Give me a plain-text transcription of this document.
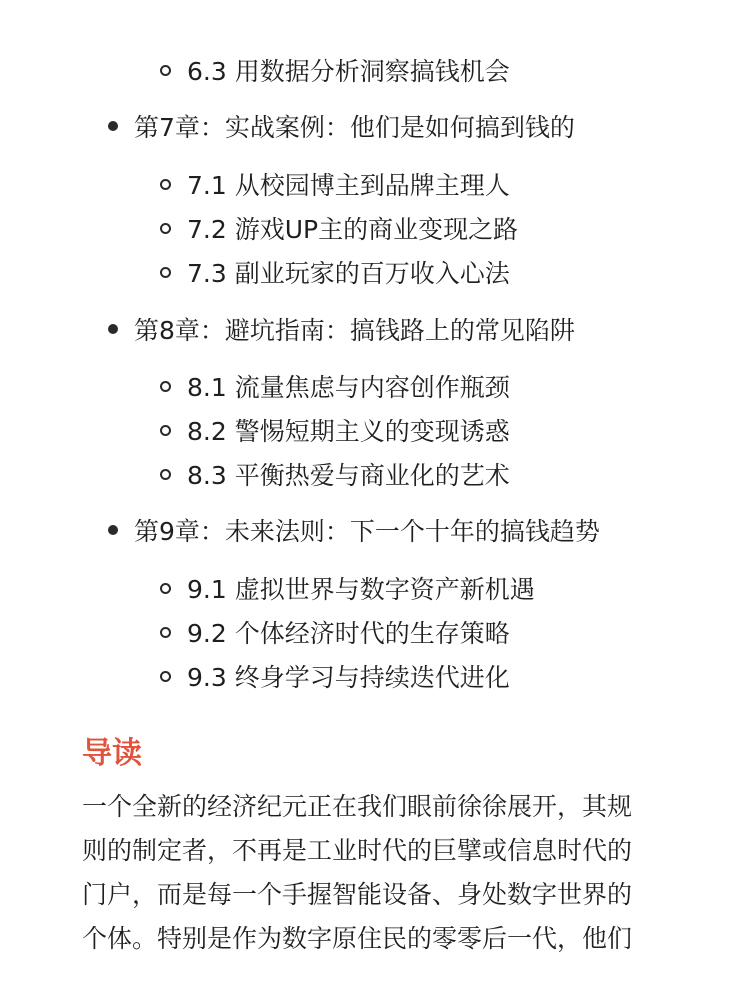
6.3 用数据分析洞察搞钱机会
第7章：实战案例：他们是如何搞到钱的
7.1 从校园博主到品牌主理人
7.2 游戏UP主的商业变现之路
7.3 副业玩家的百万收入心法
第8章：避坑指南：搞钱路上的常见陷阱
8.1 流量焦虑与内容创作瓶颈
8.2 警惕短期主义的变现诱惑
8.3 平衡热爱与商业化的艺术
第9章：未来法则：下一个十年的搞钱趋势
9.1 虚拟世界与数字资产新机遇
9.2 个体经济时代的生存策略
9.3 终身学习与持续迭代进化
导读
一个全新的经济纪元正在我们眼前徐徐展开，其规
则的制定者，不再是工业时代的巨擘或信息时代的
门户，而是每一个手握智能设备、身处数字世界的
个体。特别是作为数字原住民的零零后一代，他们
